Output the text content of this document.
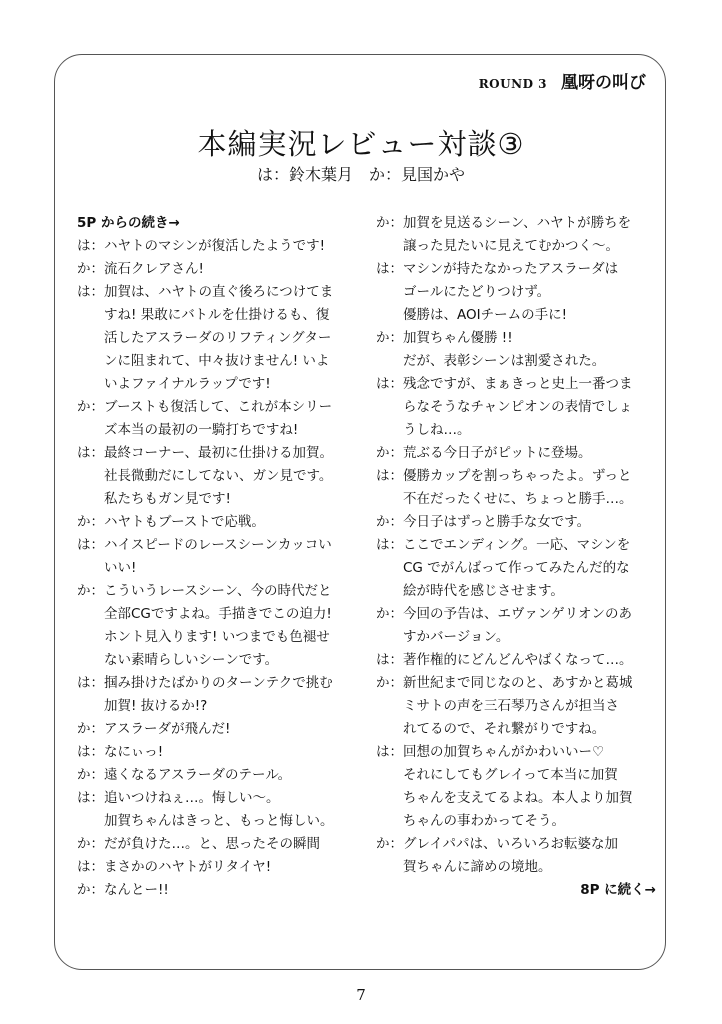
ROUND 3 凰呀の叫び
本編実況レビュー対談③
は：鈴木葉月　か：見国かや
5P からの続き→
は： ハヤトのマシンが復活したようです!
か： 流石クレアさん!
は： 加賀は、ハヤトの直ぐ後ろにつけてま
すね! 果敢にバトルを仕掛けるも、復
活したアスラーダのリフティングター
ンに阻まれて、中々抜けません! いよ
いよファイナルラップです!
か： ブーストも復活して、これが本シリー
ズ本当の最初の一騎打ちですね!
は： 最終コーナー、最初に仕掛ける加賀。
社長微動だにしてない、ガン見です。
私たちもガン見です!
か： ハヤトもブーストで応戦。
は： ハイスピードのレースシーンカッコい
いい!
か： こういうレースシーン、今の時代だと
全部CGですよね。手描きでこの迫力!
ホント見入ります! いつまでも色褪せ
ない素晴らしいシーンです。
は： 掴み掛けたばかりのターンテクで挑む
加賀! 抜けるか!?
か： アスラーダが飛んだ!
は： なにぃっ!
か： 遠くなるアスラーダのテール。
は： 追いつけねぇ…。悔しい～。
加賀ちゃんはきっと、もっと悔しい。
か： だが負けた…。と、思ったその瞬間
は： まさかのハヤトがリタイヤ!
か： なんとー!!
か： 加賀を見送るシーン、ハヤトが勝ちを
譲った見たいに見えてむかつく～。
は： マシンが持たなかったアスラーダは
ゴールにたどりつけず。
優勝は、AOIチームの手に!
か： 加賀ちゃん優勝 !!
だが、表彰シーンは割愛された。
は： 残念ですが、まぁきっと史上一番つま
らなそうなチャンピオンの表情でしょ
うしね…。
か： 荒ぶる今日子がピットに登場。
は： 優勝カップを割っちゃったよ。ずっと
不在だったくせに、ちょっと勝手…。
か： 今日子はずっと勝手な女です。
は： ここでエンディング。一応、マシンを
CG でがんばって作ってみたんだ的な
絵が時代を感じさせます。
か： 今回の予告は、エヴァンゲリオンのあ
すかバージョン。
は： 著作権的にどんどんやばくなって…。
か： 新世紀まで同じなのと、あすかと葛城
ミサトの声を三石琴乃さんが担当さ
れてるので、それ繋がりですね。
は： 回想の加賀ちゃんがかわいいー♡
それにしてもグレイって本当に加賀
ちゃんを支えてるよね。本人より加賀
ちゃんの事わかってそう。
か： グレイパパは、いろいろお転婆な加
賀ちゃんに諦めの境地。
8P に続く→
7
